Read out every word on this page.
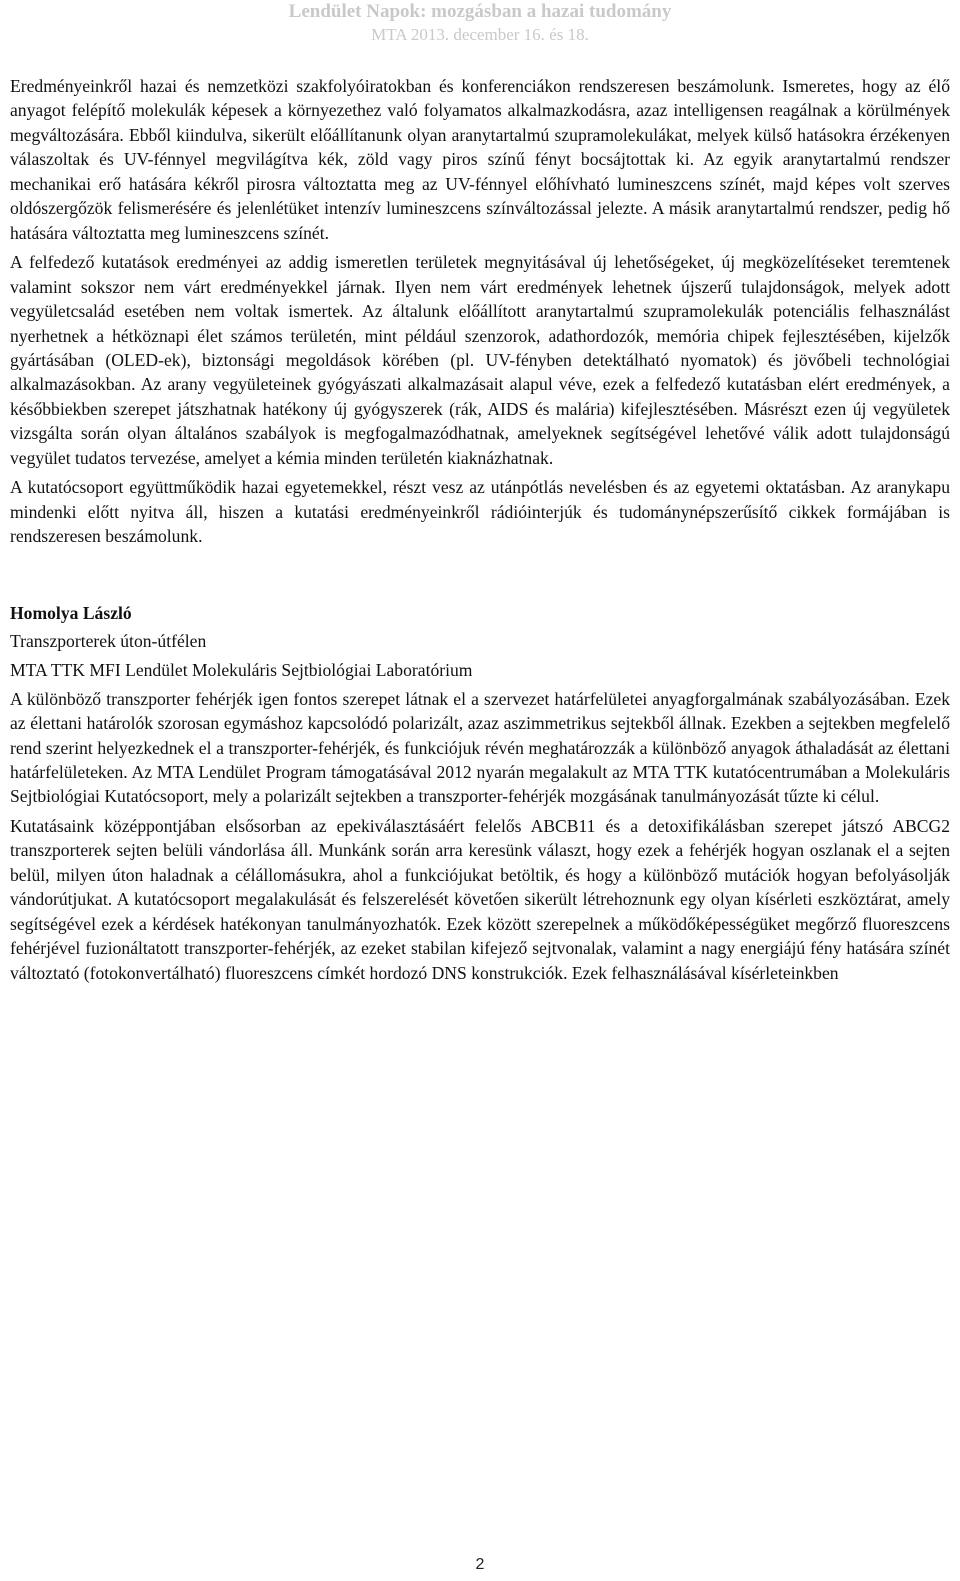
Lendület Napok: mozgásban a hazai tudomány
MTA 2013. december 16. és 18.

Eredményeinkről hazai és nemzetközi szakfolyóiratokban és konferenciákon rendszeresen beszámolunk. Ismeretes, hogy az élő anyagot felépítő molekulák képesek a környezethez való folyamatos alkalmazkodásra, azaz intelligensen reagálnak a körülmények megváltozására. Ebből kiindulva, sikerült előállítanunk olyan aranytartalmú szupramolekulákat, melyek külső hatásokra érzékenyen válaszoltak és UV-fénnyel megvilágítva kék, zöld vagy piros színű fényt bocsájtottak ki. Az egyik aranytartalmú rendszer mechanikai erő hatására kékről pirosra változtatta meg az UV-fénnyel előhívható lumineszcens színét, majd képes volt szerves oldószergőzök felismerésére és jelenlétüket intenzív lumineszcens színváltozással jelezte. A másik aranytartalmú rendszer, pedig hő hatására változtatta meg lumineszcens színét.

A felfedező kutatások eredményei az addig ismeretlen területek megnyitásával új lehetőségeket, új megközelítéseket teremtenek valamint sokszor nem várt eredményekkel járnak. Ilyen nem várt eredmények lehetnek újszerű tulajdonságok, melyek adott vegyületcsalád esetében nem voltak ismertek. Az általunk előállított aranytartalmú szupramolekulák potenciális felhasználást nyerhetnek a hétköznapi élet számos területén, mint például szenzorok, adathordozók, memória chipek fejlesztésében, kijelzők gyártásában (OLED-ek), biztonsági megoldások körében (pl. UV-fényben detektálható nyomatok) és jövőbeli technológiai alkalmazásokban. Az arany vegyületeinek gyógyászati alkalmazásait alapul véve, ezek a felfedező kutatásban elért eredmények, a későbbiekben szerepet játszhatnak hatékony új gyógyszerek (rák, AIDS és malária) kifejlesztésében. Másrészt ezen új vegyületek vizsgálta során olyan általános szabályok is megfogalmazódhatnak, amelyeknek segítségével lehetővé válik adott tulajdonságú vegyület tudatos tervezése, amelyet a kémia minden területén kiaknázhatnak.

A kutatócsoport együttműködik hazai egyetemekkel, részt vesz az utánpótlás nevelésben és az egyetemi oktatásban. Az aranykapu mindenki előtt nyitva áll, hiszen a kutatási eredményeinkről rádióinterjúk és tudománynépszerűsítő cikkek formájában is rendszeresen beszámolunk.

Homolya László

Transzporterek úton-útfélen

MTA TTK MFI Lendület Molekuláris Sejtbiológiai Laboratórium

A különböző transzporter fehérjék igen fontos szerepet látnak el a szervezet határfelületei anyagforgalmának szabályozásában. Ezek az élettani határolók szorosan egymáshoz kapcsolódó polarizált, azaz aszimmetrikus sejtekből állnak. Ezekben a sejtekben megfelelő rend szerint helyezkednek el a transzporter-fehérjék, és funkciójuk révén meghatározzák a különböző anyagok áthaladását az élettani határfelületeken. Az MTA Lendület Program támogatásával 2012 nyarán megalakult az MTA TTK kutatócentrumában a Molekuláris Sejtbiológiai Kutatócsoport, mely a polarizált sejtekben a transzporter-fehérjék mozgásának tanulmányozását tűzte ki célul.

Kutatásaink középpontjában elsősorban az epekiválasztásáért felelős ABCB11 és a detoxifikálásban szerepet játszó ABCG2 transzporterek sejten belüli vándorlása áll. Munkánk során arra keresünk választ, hogy ezek a fehérjék hogyan oszlanak el a sejten belül, milyen úton haladnak a célállomásukra, ahol a funkciójukat betöltik, és hogy a különböző mutációk hogyan befolyásolják vándorútjukat. A kutatócsoport megalakulását és felszerelését követően sikerült létrehoznunk egy olyan kísérleti eszköztárat, amely segítségével ezek a kérdések hatékonyan tanulmányozhatók. Ezek között szerepelnek a működőképességüket megőrző fluoreszcens fehérjével fuzionáltatott transzporter-fehérjék, az ezeket stabilan kifejező sejtvonalak, valamint a nagy energiájú fény hatására színét változtató (fotokonvertálható) fluoreszcens címkét hordozó DNS konstrukciók. Ezek felhasználásával kísérleteinkben

2
